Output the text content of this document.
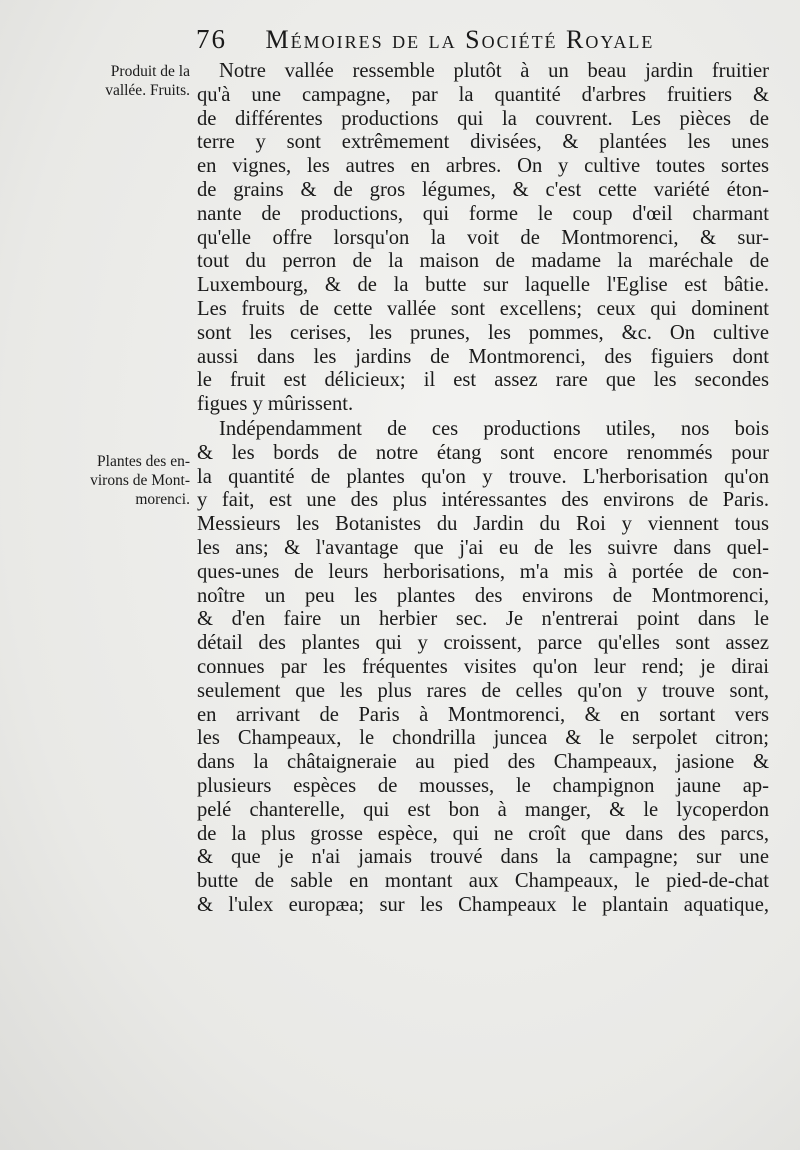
76 Mémoires de la Société Royale
Produit de la
vallée. Fruits.
Plantes des en-
virons de Mont-
morenci.
Notre vallée ressemble plutôt à un beau jardin fruitier
qu'à une campagne, par la quantité d'arbres fruitiers &
de différentes productions qui la couvrent. Les pièces de
terre y sont extrêmement divisées, & plantées les unes
en vignes, les autres en arbres. On y cultive toutes sortes
de grains & de gros légumes, & c'est cette variété éton-
nante de productions, qui forme le coup d'œil charmant
qu'elle offre lorsqu'on la voit de Montmorenci, & sur-
tout du perron de la maison de madame la maréchale de
Luxembourg, & de la butte sur laquelle l'Eglise est bâtie.
Les fruits de cette vallée sont excellens; ceux qui dominent
sont les cerises, les prunes, les pommes, &c. On cultive
aussi dans les jardins de Montmorenci, des figuiers dont
le fruit est délicieux; il est assez rare que les secondes
figues y mûrissent.
Indépendamment de ces productions utiles, nos bois
& les bords de notre étang sont encore renommés pour
la quantité de plantes qu'on y trouve. L'herborisation qu'on
y fait, est une des plus intéressantes des environs de Paris.
Messieurs les Botanistes du Jardin du Roi y viennent tous
les ans; & l'avantage que j'ai eu de les suivre dans quel-
ques-unes de leurs herborisations, m'a mis à portée de con-
noître un peu les plantes des environs de Montmorenci,
& d'en faire un herbier sec. Je n'entrerai point dans le
détail des plantes qui y croissent, parce qu'elles sont assez
connues par les fréquentes visites qu'on leur rend; je dirai
seulement que les plus rares de celles qu'on y trouve sont,
en arrivant de Paris à Montmorenci, & en sortant vers
les Champeaux, le chondrilla juncea & le serpolet citron;
dans la châtaigneraie au pied des Champeaux, jasione &
plusieurs espèces de mousses, le champignon jaune ap-
pelé chanterelle, qui est bon à manger, & le lycoperdon
de la plus grosse espèce, qui ne croît que dans des parcs,
& que je n'ai jamais trouvé dans la campagne; sur une
butte de sable en montant aux Champeaux, le pied-de-chat
& l'ulex europæa; sur les Champeaux le plantain aquatique,
